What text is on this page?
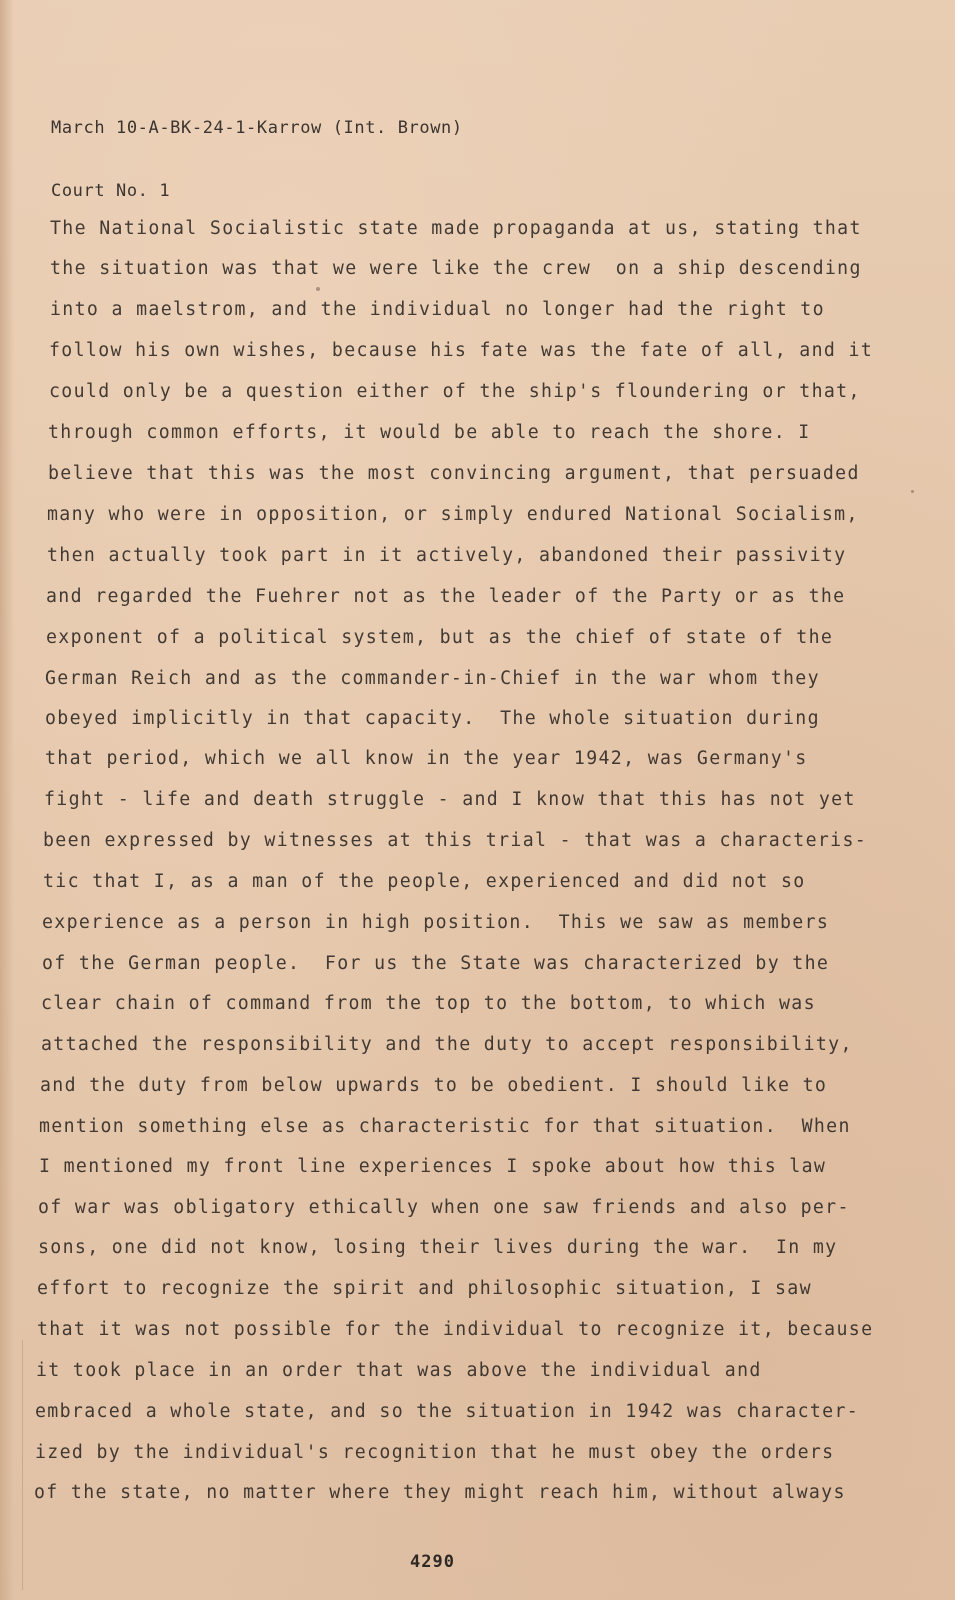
March 10-A-BK-24-1-Karrow (Int. Brown)

Court No. 1

The National Socialistic state made propaganda at us, stating that
the situation was that we were like the crew  on a ship descending
into a maelstrom, and the individual no longer had the right to
follow his own wishes, because his fate was the fate of all, and it
could only be a question either of the ship's floundering or that,
through common efforts, it would be able to reach the shore. I
believe that this was the most convincing argument, that persuaded
many who were in opposition, or simply endured National Socialism,
then actually took part in it actively, abandoned their passivity
and regarded the Fuehrer not as the leader of the Party or as the
exponent of a political system, but as the chief of state of the
German Reich and as the commander-in-Chief in the war whom they
obeyed implicitly in that capacity.  The whole situation during
that period, which we all know in the year 1942, was Germany's
fight - life and death struggle - and I know that this has not yet
been expressed by witnesses at this trial - that was a characteris-
tic that I, as a man of the people, experienced and did not so
experience as a person in high position.  This we saw as members
of the German people.  For us the State was characterized by the
clear chain of command from the top to the bottom, to which was
attached the responsibility and the duty to accept responsibility,
and the duty from below upwards to be obedient. I should like to
mention something else as characteristic for that situation.  When
I mentioned my front line experiences I spoke about how this law
of war was obligatory ethically when one saw friends and also per-
sons, one did not know, losing their lives during the war.  In my
effort to recognize the spirit and philosophic situation, I saw
that it was not possible for the individual to recognize it, because
it took place in an order that was above the individual and
embraced a whole state, and so the situation in 1942 was character-
ized by the individual's recognition that he must obey the orders
of the state, no matter where they might reach him, without always
4290
